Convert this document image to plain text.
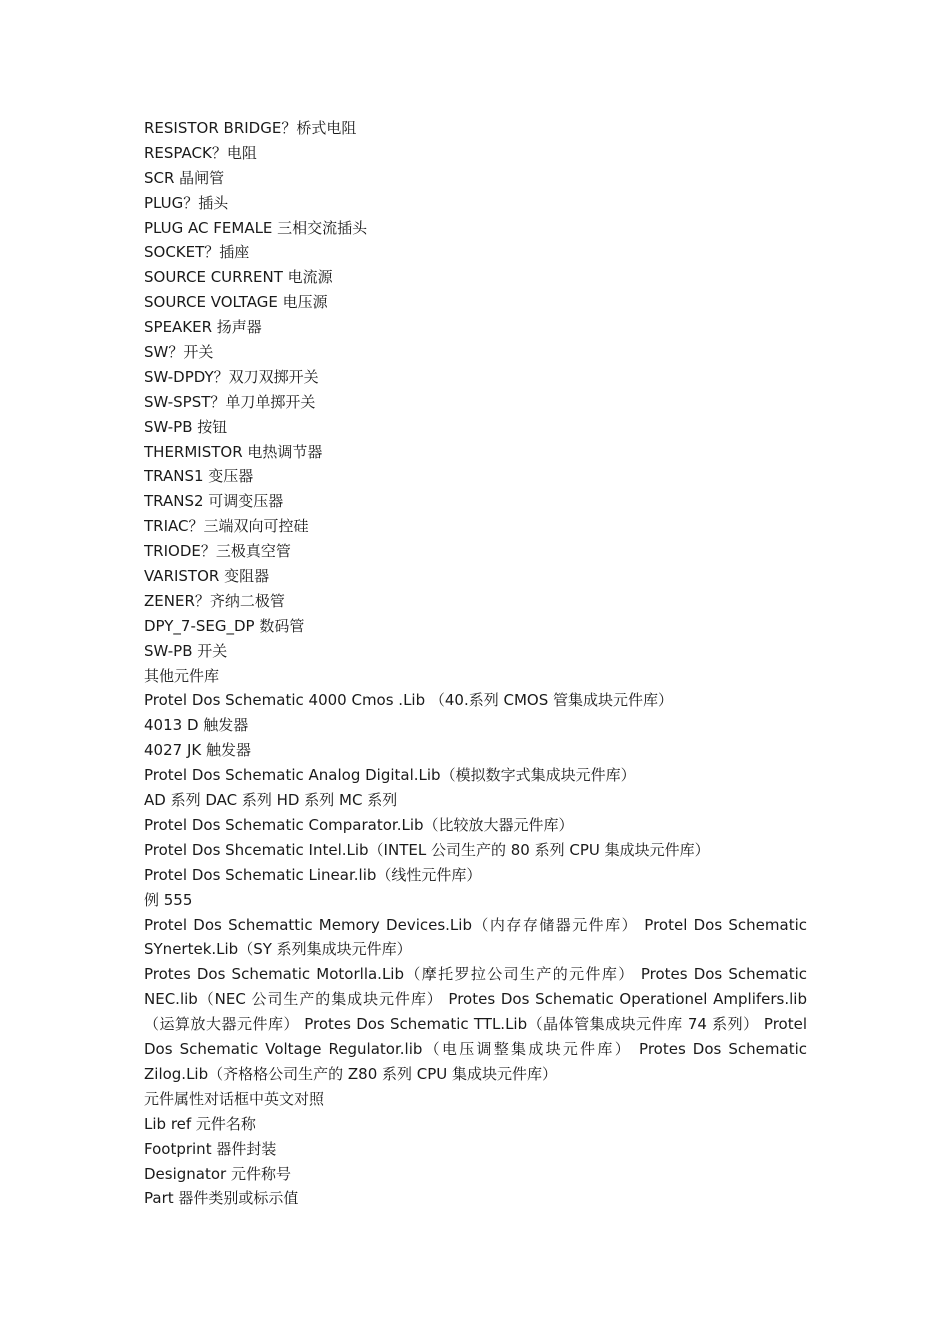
RESISTOR BRIDGE？桥式电阻
RESPACK？电阻
SCR 晶闸管
PLUG？插头
PLUG AC FEMALE 三相交流插头
SOCKET？插座
SOURCE CURRENT 电流源
SOURCE VOLTAGE 电压源
SPEAKER 扬声器
SW？开关
SW-DPDY？双刀双掷开关
SW-SPST？单刀单掷开关
SW-PB 按钮
THERMISTOR 电热调节器
TRANS1 变压器
TRANS2 可调变压器
TRIAC？三端双向可控硅
TRIODE？三极真空管
VARISTOR 变阻器
ZENER？齐纳二极管
DPY_7-SEG_DP 数码管
SW-PB 开关
其他元件库
Protel Dos Schematic 4000 Cmos .Lib （40.系列 CMOS 管集成块元件库）
4013 D 触发器
4027 JK 触发器
Protel Dos Schematic Analog Digital.Lib（模拟数字式集成块元件库）
AD 系列 DAC 系列 HD 系列 MC 系列
Protel Dos Schematic Comparator.Lib（比较放大器元件库）
Protel Dos Shcematic Intel.Lib（INTEL 公司生产的 80 系列 CPU 集成块元件库）
Protel Dos Schematic Linear.lib（线性元件库）
例 555
Protel Dos Schemattic Memory Devices.Lib（内存存储器元件库） Protel Dos Schematic SYnertek.Lib（SY 系列集成块元件库）
Protes Dos Schematic Motorlla.Lib（摩托罗拉公司生产的元件库） Protes Dos Schematic NEC.lib（NEC 公司生产的集成块元件库） Protes Dos Schematic Operationel Amplifers.lib （运算放大器元件库） Protes Dos Schematic TTL.Lib（晶体管集成块元件库 74 系列） Protel Dos Schematic Voltage Regulator.lib（电压调整集成块元件库） Protes Dos Schematic Zilog.Lib（齐格格公司生产的 Z80 系列 CPU 集成块元件库）
元件属性对话框中英文对照
Lib ref 元件名称
Footprint 器件封装
Designator 元件称号
Part 器件类别或标示值
